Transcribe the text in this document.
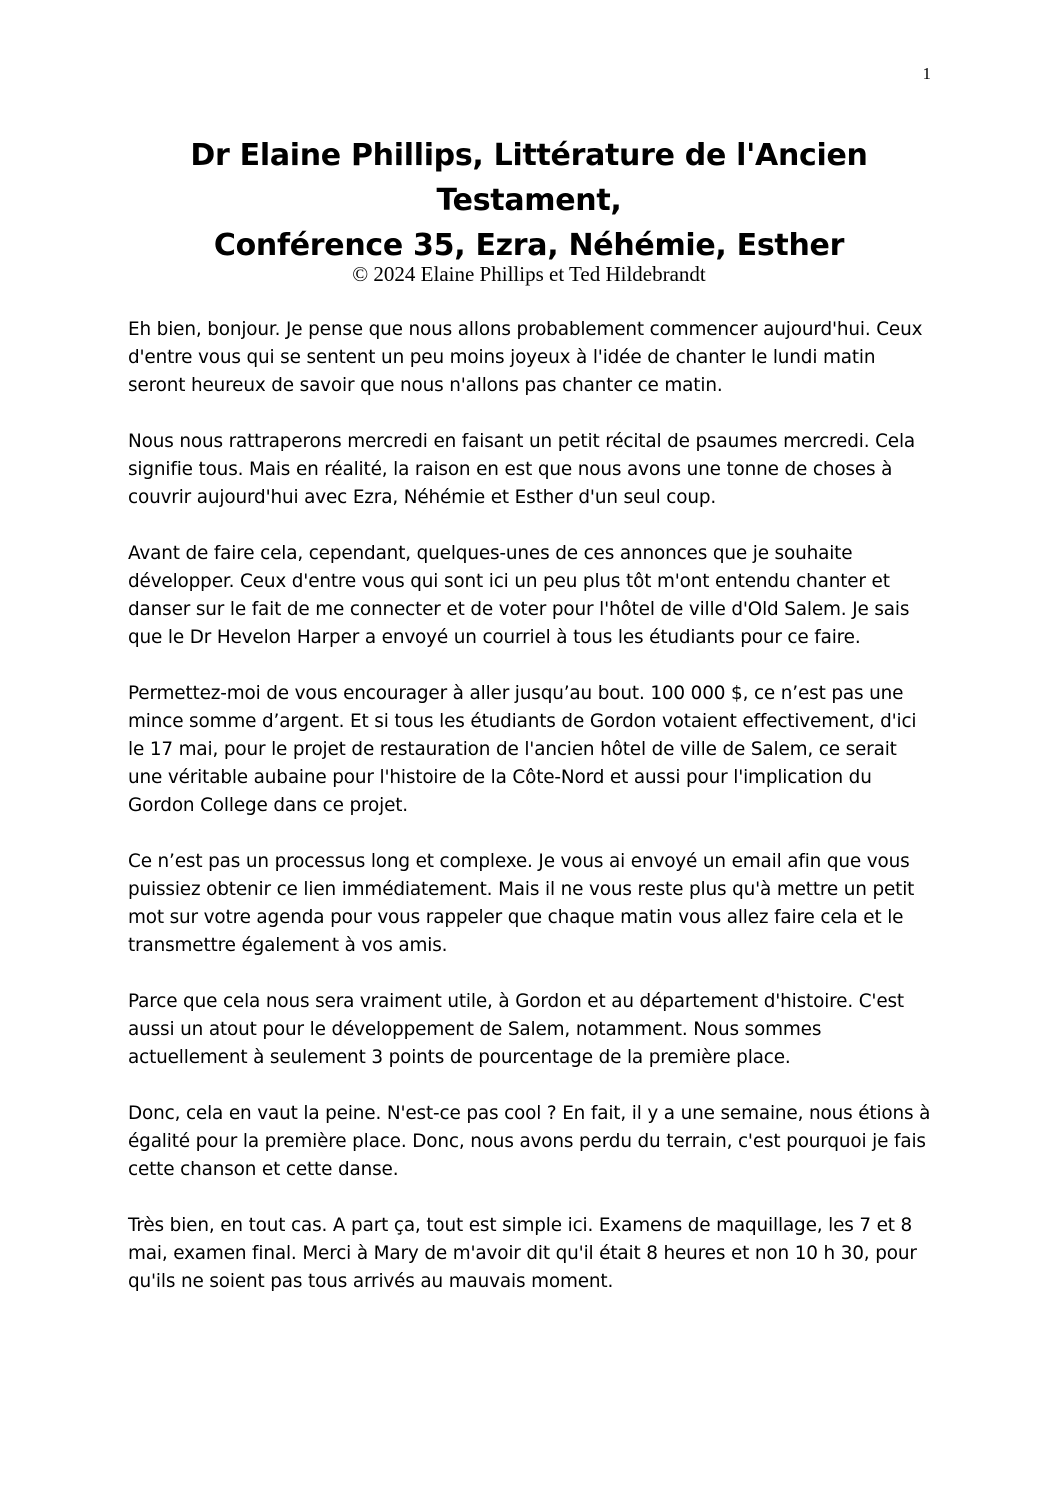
1
Dr Elaine Phillips, Littérature de l'Ancien
Testament,
Conférence 35, Ezra, Néhémie, Esther
© 2024 Elaine Phillips et Ted Hildebrandt

Eh bien, bonjour. Je pense que nous allons probablement commencer aujourd'hui. Ceux d'entre vous qui se sentent un peu moins joyeux à l'idée de chanter le lundi matin seront heureux de savoir que nous n'allons pas chanter ce matin.

Nous nous rattraperons mercredi en faisant un petit récital de psaumes mercredi. Cela signifie tous. Mais en réalité, la raison en est que nous avons une tonne de choses à couvrir aujourd'hui avec Ezra, Néhémie et Esther d'un seul coup.

Avant de faire cela, cependant, quelques-unes de ces annonces que je souhaite développer. Ceux d'entre vous qui sont ici un peu plus tôt m'ont entendu chanter et danser sur le fait de me connecter et de voter pour l'hôtel de ville d'Old Salem. Je sais que le Dr Hevelon Harper a envoyé un courriel à tous les étudiants pour ce faire.

Permettez-moi de vous encourager à aller jusqu’au bout. 100 000 $, ce n’est pas une mince somme d’argent. Et si tous les étudiants de Gordon votaient effectivement, d'ici le 17 mai, pour le projet de restauration de l'ancien hôtel de ville de Salem, ce serait une véritable aubaine pour l'histoire de la Côte-Nord et aussi pour l'implication du Gordon College dans ce projet.

Ce n’est pas un processus long et complexe. Je vous ai envoyé un email afin que vous puissiez obtenir ce lien immédiatement. Mais il ne vous reste plus qu'à mettre un petit mot sur votre agenda pour vous rappeler que chaque matin vous allez faire cela et le transmettre également à vos amis.

Parce que cela nous sera vraiment utile, à Gordon et au département d'histoire. C'est aussi un atout pour le développement de Salem, notamment. Nous sommes actuellement à seulement 3 points de pourcentage de la première place.

Donc, cela en vaut la peine. N'est-ce pas cool ? En fait, il y a une semaine, nous étions à égalité pour la première place. Donc, nous avons perdu du terrain, c'est pourquoi je fais cette chanson et cette danse.

Très bien, en tout cas. A part ça, tout est simple ici. Examens de maquillage, les 7 et 8 mai, examen final. Merci à Mary de m'avoir dit qu'il était 8 heures et non 10 h 30, pour qu'ils ne soient pas tous arrivés au mauvais moment.
